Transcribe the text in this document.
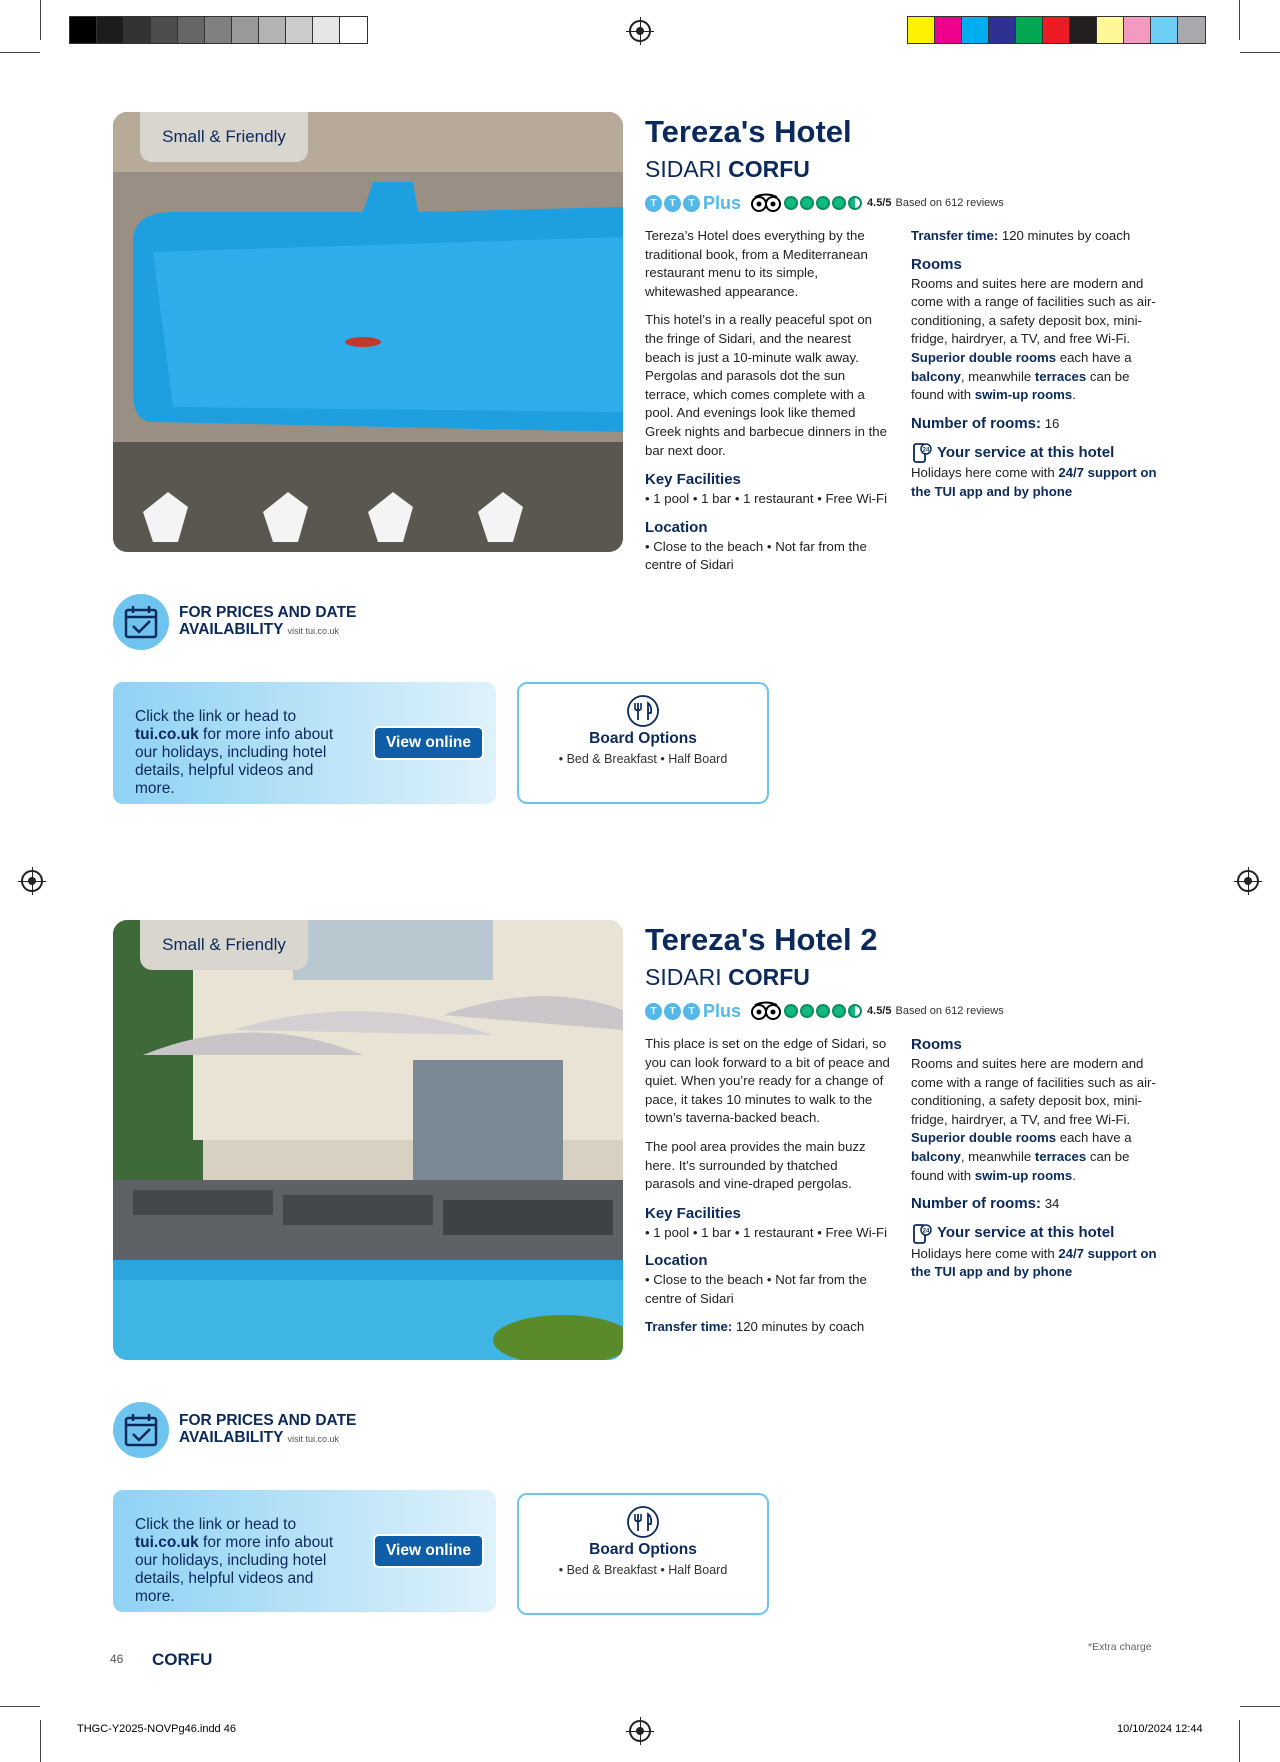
Small & Friendly	Tereza's Hotel
SIDARI CORFU
T	T	T Plus	4.5/5 Based on 612 reviews

Tereza’s Hotel does everything by the traditional book, from a Mediterranean restaurant menu to its simple, whitewashed appearance.

This hotel’s in a really peaceful spot on the fringe of Sidari, and the nearest beach is just a 10-minute walk away. Pergolas and parasols dot the sun terrace, which comes complete with a pool. And evenings look like themed Greek nights and barbecue dinners in the bar next door.

Key Facilities
• 1 pool • 1 bar • 1 restaurant • Free Wi-Fi
Location
• Close to the beach • Not far from the centre of Sidari
Transfer time: 120 minutes by coach
Rooms
Rooms and suites here are modern and come with a range of facilities such as air-conditioning, a safety deposit box, mini-fridge, hairdryer, a TV, and free Wi-Fi. Superior double rooms each have a balcony, meanwhile terraces can be found with swim-up rooms.
Number of rooms: 16
24 Your service at this hotel
Holidays here come with 24/7 support on the TUI app and by phone
FOR PRICES AND DATE
AVAILABILITY visit tui.co.uk
Click the link or head to tui.co.uk for more info about our holidays, including hotel details, helpful videos and more.
View online	Board Options
• Bed & Breakfast • Half Board
Small & Friendly	Tereza's Hotel 2
SIDARI CORFU
T	T	T Plus	4.5/5 Based on 612 reviews

This place is set on the edge of Sidari, so you can look forward to a bit of peace and quiet. When you’re ready for a change of pace, it takes 10 minutes to walk to the town’s taverna-backed beach.

The pool area provides the main buzz here. It’s surrounded by thatched parasols and vine-draped pergolas.

Key Facilities
• 1 pool • 1 bar • 1 restaurant • Free Wi-Fi
Location
• Close to the beach • Not far from the centre of Sidari
Transfer time: 120 minutes by coach
Rooms
Rooms and suites here are modern and come with a range of facilities such as air-conditioning, a safety deposit box, mini-fridge, hairdryer, a TV, and free Wi-Fi. Superior double rooms each have a balcony, meanwhile terraces can be found with swim-up rooms.
Number of rooms: 34
24 Your service at this hotel
Holidays here come with 24/7 support on the TUI app and by phone
FOR PRICES AND DATE
AVAILABILITY visit tui.co.uk
Click the link or head to tui.co.uk for more info about our holidays, including hotel details, helpful videos and more.
View online	Board Options
• Bed & Breakfast • Half Board
*Extra charge
46 CORFU
THGC-Y2025-NOVPg46.indd 46	10/10/2024 12:44
